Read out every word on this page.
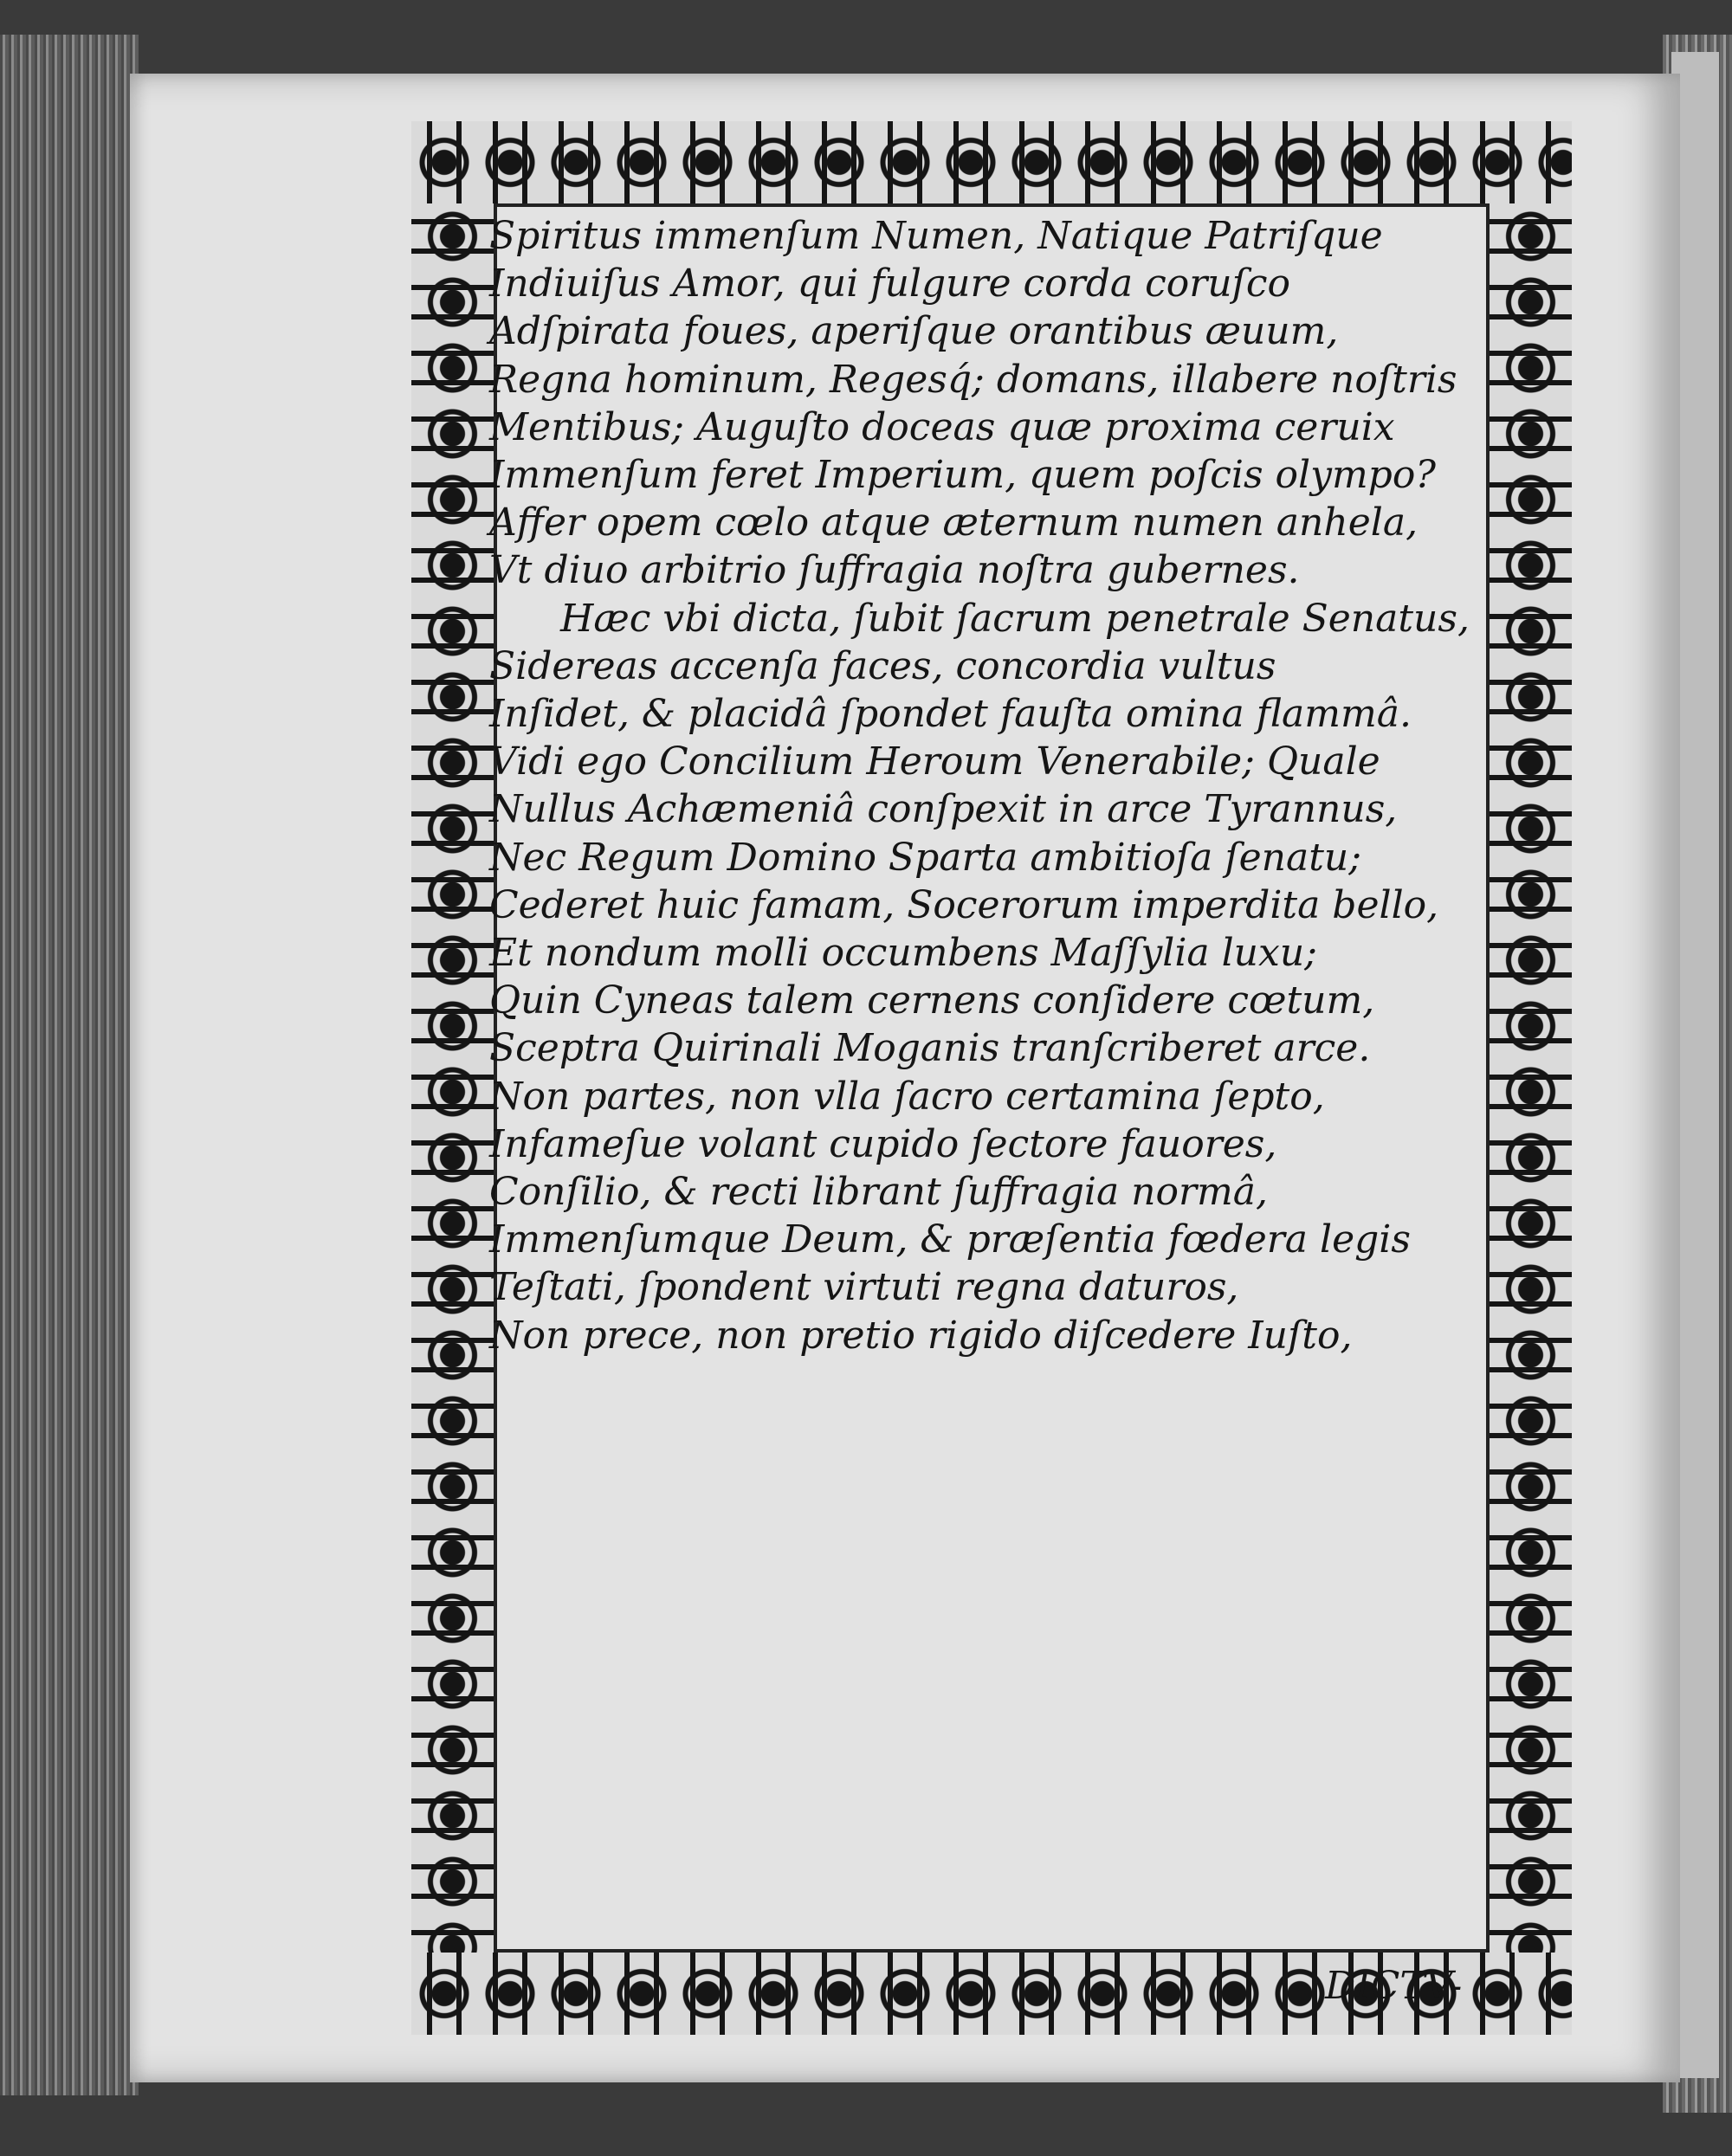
Spiritus immenſum Numen, Natique Patriſque
Indiuiſus Amor, qui fulgure corda coruſco
Adſpirata foues, aperiſque orantibus æuum,
Regna hominum, Regesq́; domans, illabere noſtris
Mentibus; Auguſto doceas quæ proxima ceruix
Immenſum feret Imperium, quem poſcis olympo?
Affer opem cœlo atque æternum numen anhela,
Vt diuo arbitrio ſuffragia noſtra gubernes.
Hæc vbi dicta, ſubit ſacrum penetrale Senatus,
Sidereas accenſa faces, concordia vultus
Inſidet, & placidâ ſpondet fauſta omina flammâ.
Vidi ego Concilium Heroum Venerabile; Quale
Nullus Achæmeniâ conſpexit in arce Tyrannus,
Nec Regum Domino Sparta ambitioſa ſenatu;
Cederet huic famam, Socerorum imperdita bello,
Et nondum molli occumbens Maſſylia luxu;
Quin Cyneas talem cernens conſidere cœtum,
Sceptra Quirinali Moganis tranſcriberet arce.
Non partes, non vlla ſacro certamina ſepto,
Infameſue volant cupido ſectore fauores,
Conſilio, & recti librant ſuffragia normâ,
Immenſumque Deum, & præſentia fœdera legis
Teſtati, ſpondent virtuti regna daturos,
Non prece, non pretio rigido diſcedere Iuſto,
DICTV-
